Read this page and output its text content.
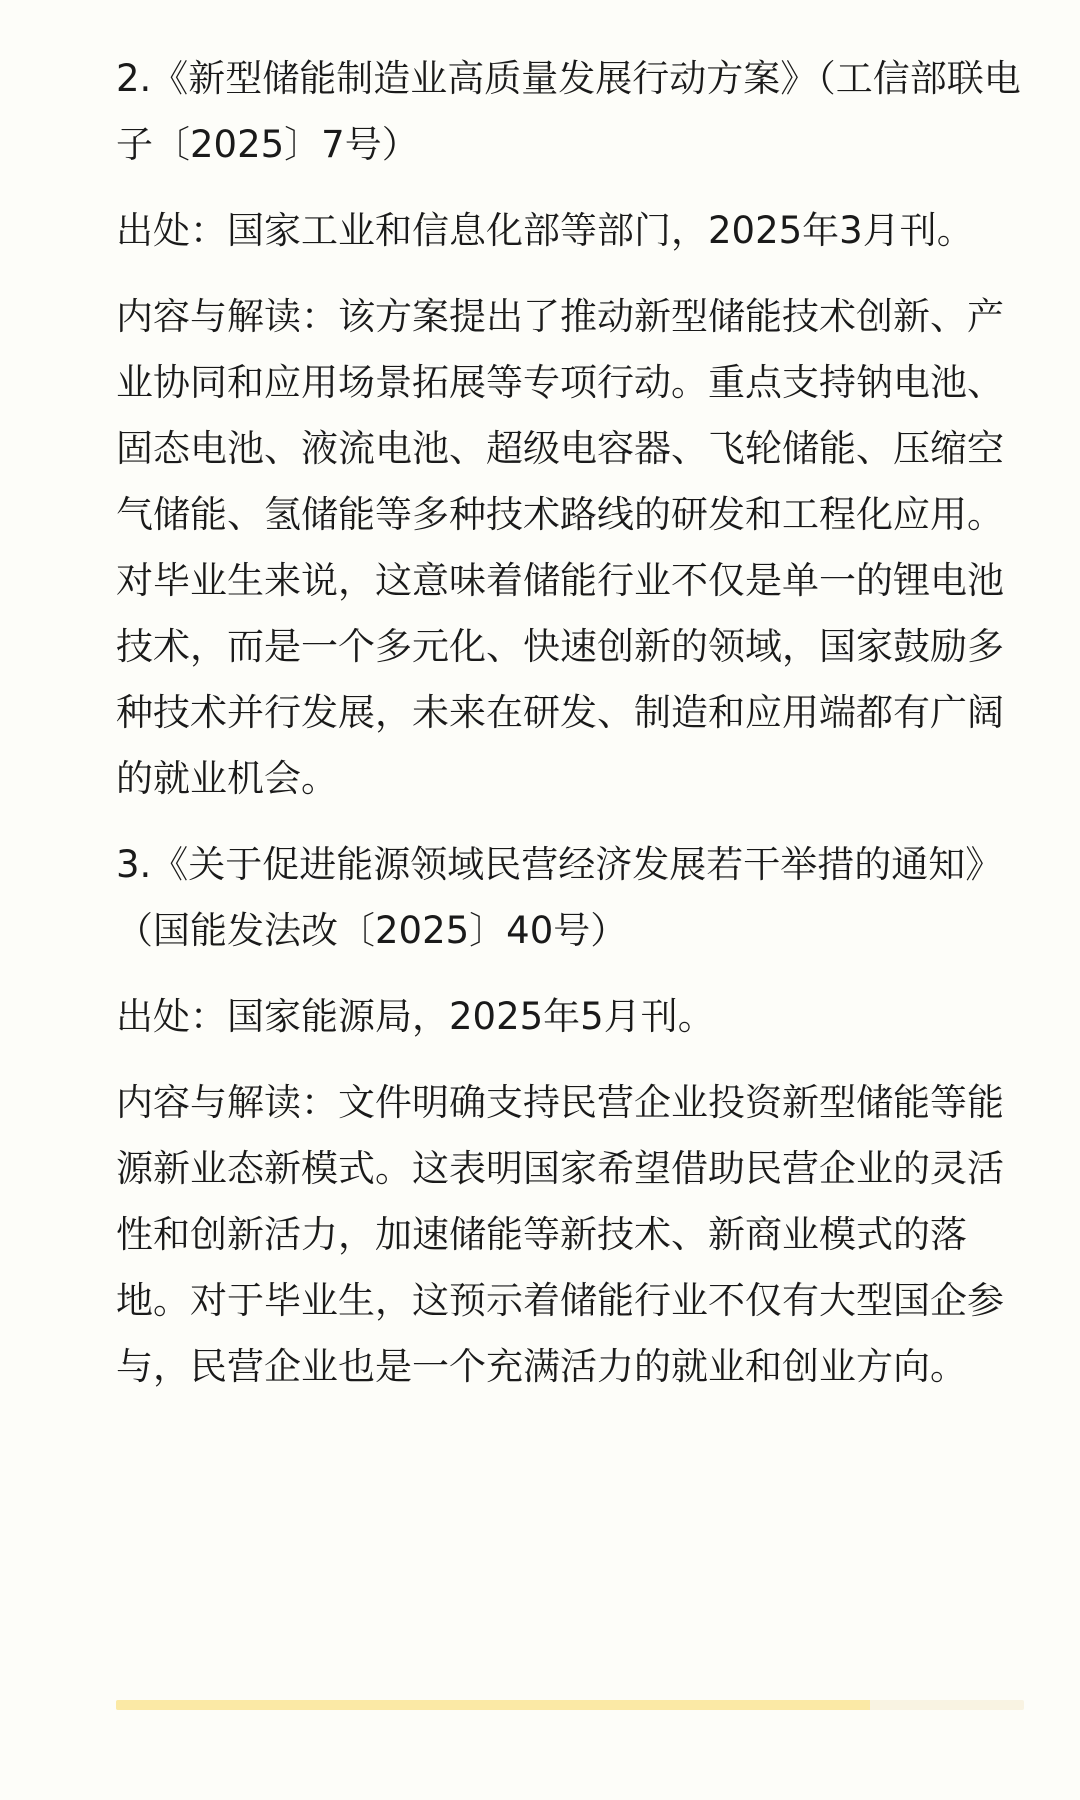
2.《新型储能制造业高质量发展行动方案》（工信部联电子〔2025〕7号）

出处：国家工业和信息化部等部门，2025年3月刊。

内容与解读：该方案提出了推动新型储能技术创新、产业协同和应用场景拓展等专项行动。重点支持钠电池、固态电池、液流电池、超级电容器、飞轮储能、压缩空气储能、氢储能等多种技术路线的研发和工程化应用。对毕业生来说，这意味着储能行业不仅是单一的锂电池技术，而是一个多元化、快速创新的领域，国家鼓励多种技术并行发展，未来在研发、制造和应用端都有广阔的就业机会。

3.《关于促进能源领域民营经济发展若干举措的通知》（国能发法改〔2025〕40号）

出处：国家能源局，2025年5月刊。

内容与解读：文件明确支持民营企业投资新型储能等能源新业态新模式。这表明国家希望借助民营企业的灵活性和创新活力，加速储能等新技术、新商业模式的落地。对于毕业生，这预示着储能行业不仅有大型国企参与，民营企业也是一个充满活力的就业和创业方向。
